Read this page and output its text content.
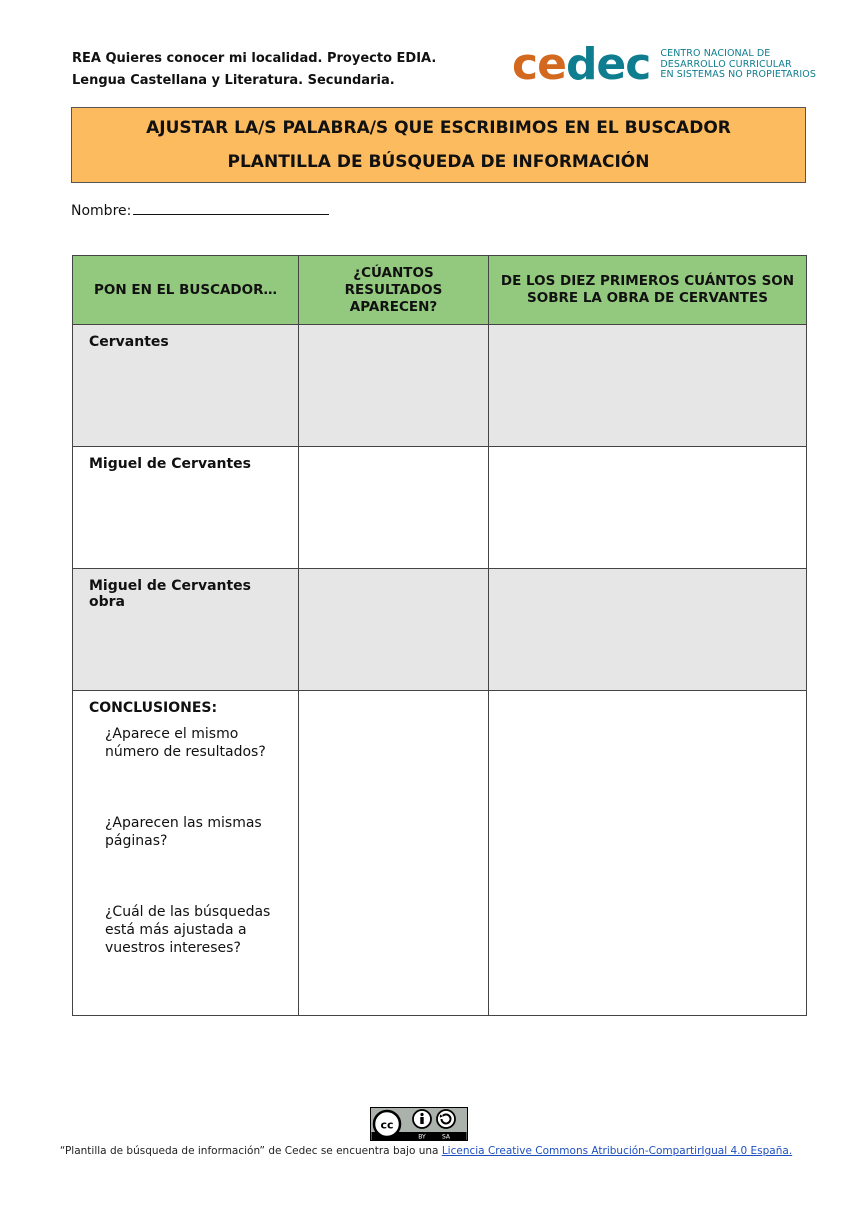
REA Quieres conocer mi localidad. Proyecto EDIA.
Lengua Castellana y Literatura. Secundaria.	cedec CENTRO NACIONAL DE
DESARROLLO CURRICULAR
EN SISTEMAS NO PROPIETARIOS
AJUSTAR LA/S PALABRA/S QUE ESCRIBIMOS EN EL BUSCADOR
PLANTILLA DE BÚSQUEDA DE INFORMACIÓN
Nombre:
PON EN EL BUSCADOR…	¿CÚANTOS RESULTADOS APARECEN?	DE LOS DIEZ PRIMEROS CUÁNTOS SON SOBRE LA OBRA DE CERVANTES

Cervantes		

Miguel de Cervantes		

Miguel de Cervantes obra		

CONCLUSIONES:
¿Aparece el mismo número de resultados?
¿Aparecen las mismas páginas?
¿Cuál de las búsquedas está más ajustada a vuestros intereses?		

cc
BY	SA
“Plantilla de búsqueda de información” de Cedec se encuentra bajo una Licencia Creative Commons Atribución-CompartirIgual 4.0 España.
